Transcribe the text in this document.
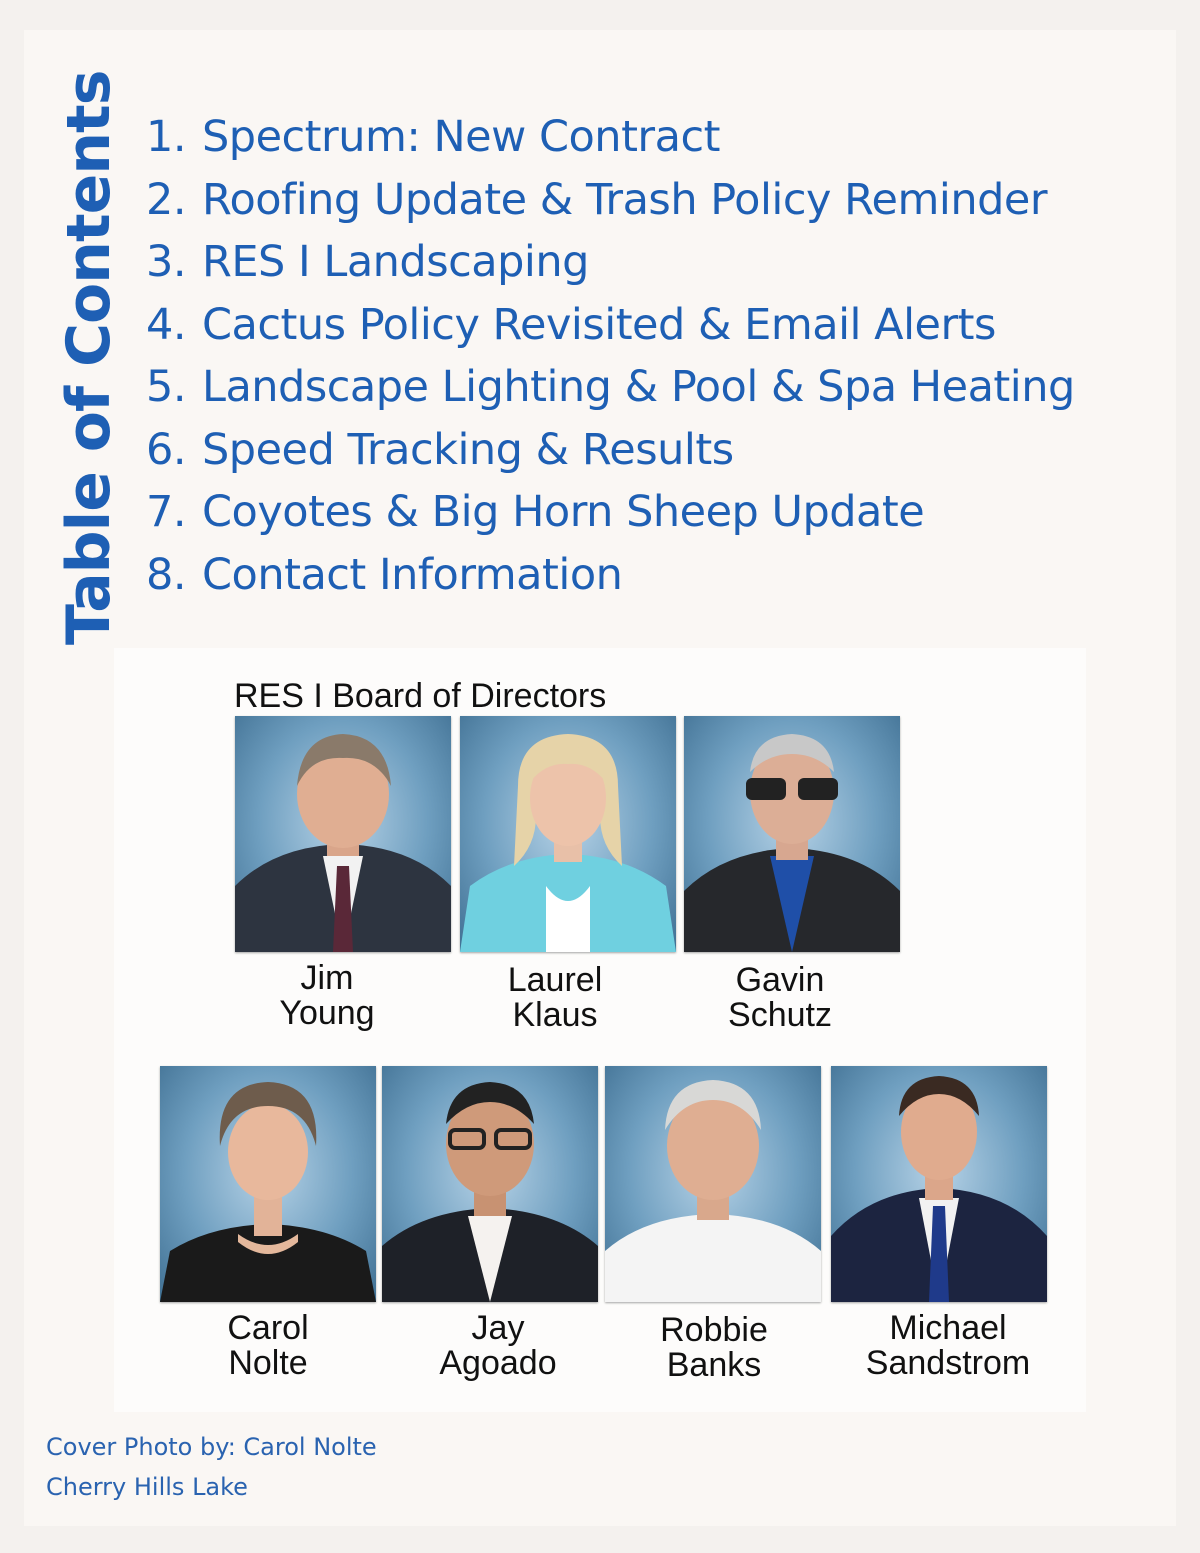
Table of Contents 1. Spectrum: New Contract
2. Roofing Update & Trash Policy Reminder
3. RES I Landscaping
4. Cactus Policy Revisited & Email Alerts
5. Landscape Lighting & Pool & Spa Heating
6. Speed Tracking & Results
7. Coyotes & Big Horn Sheep Update
8. Contact Information
RES I Board of Directors
Jim
Young
Laurel
Klaus
Gavin
Schutz
Carol
Nolte
Jay
Agoado
Robbie
Banks
Michael
Sandstrom
Cover Photo by: Carol Nolte
Cherry Hills Lake
